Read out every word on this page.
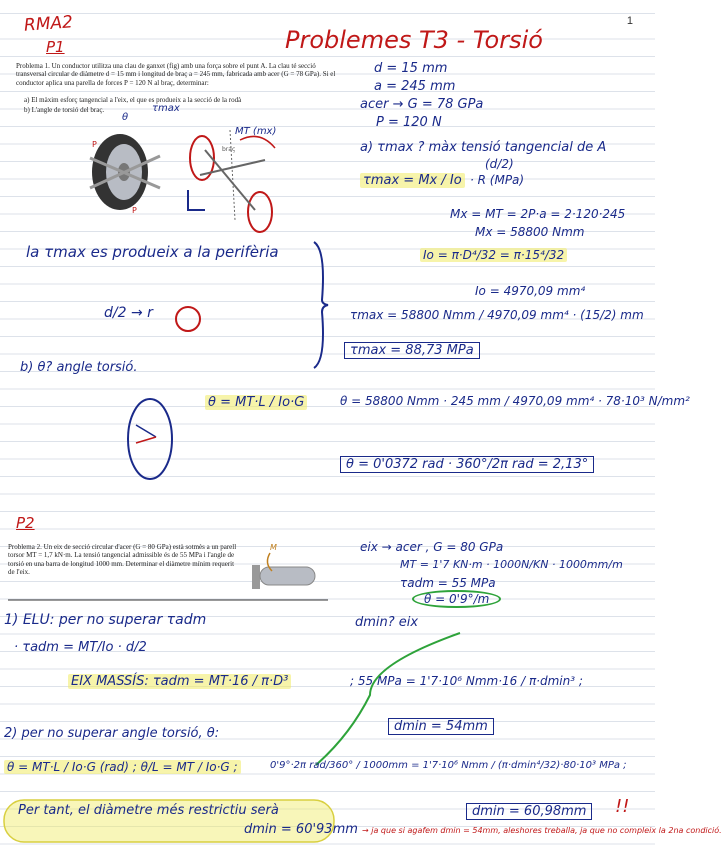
1
RMA2
P1	Problemes T3 - Torsió
Problema 1. Un conductor utilitza una clau de ganxet (fig) amb una força sobre el punt A. La clau té secció transversal circular de diàmetre d = 15 mm i longitud de braç a = 245 mm, fabricada amb acer (G = 78 GPa). Si el conductor aplica una parella de forces P = 120 N al braç, determinar:
a) El màxim esforç tangencial a l'eix, el que es produeix a la secció de la rodà
b) L'angle de torsió del braç.
P
P
MT (mx)
braç
θ
τmax
d = 15 mm
a = 245 mm
acer → G = 78 GPa
P = 120 N
a) τmax ? màx tensió tangencial de A
(d/2)
τmax = Mx / Io · R (MPa)
Mx = MT = 2P·a = 2·120·245
Mx = 58800 Nmm
Io = π·D⁴/32 = π·15⁴/32
Io = 4970,09 mm⁴
τmax = 58800 Nmm / 4970,09 mm⁴ · (15/2) mm
τmax = 88,73 MPa
la τmax es produeix a la perifèria
d/2 → r
b) θ? angle torsió.
θ = MT·L / Io·G	θ = 58800 Nmm · 245 mm / 4970,09 mm⁴ · 78·10³ N/mm²
θ = 0'0372 rad · 360°/2π rad = 2,13°
P2
Problema 2. Un eix de secció circular d'acer (G = 80 GPa) està sotmès a un parell torsor MT = 1,7 kN·m. La tensió tangencial admissible és de 55 MPa i l'angle de torsió en una barra de longitud 1000 mm. Determinar el diàmetre mínim requerit de l'eix.
M	eix → acer , G = 80 GPa
MT = 1'7 KN·m · 1000N/KN · 1000mm/m
τadm = 55 MPa
θ = 0'9°/m
dmin? eix
1) ELU: per no superar τadm
· τadm = MT/Io · d/2
EIX MASSÍS: τadm = MT·16 / π·D³	; 55 MPa = 1'7·10⁶ Nmm·16 / π·dmin³ ;
dmin = 54mm
2) per no superar angle torsió, θ:
θ = MT·L / Io·G (rad) ; θ/L = MT / Io·G ;	0'9°·2π rad/360° / 1000mm = 1'7·10⁶ Nmm / (π·dmin⁴/32)·80·10³ MPa ;
dmin = 60,98mm	!!
Per tant, el diàmetre més restrictiu serà
dmin = 60'93mm → ja que si agafem dmin = 54mm, aleshores treballa, ja que no compleix la 2na condició.
